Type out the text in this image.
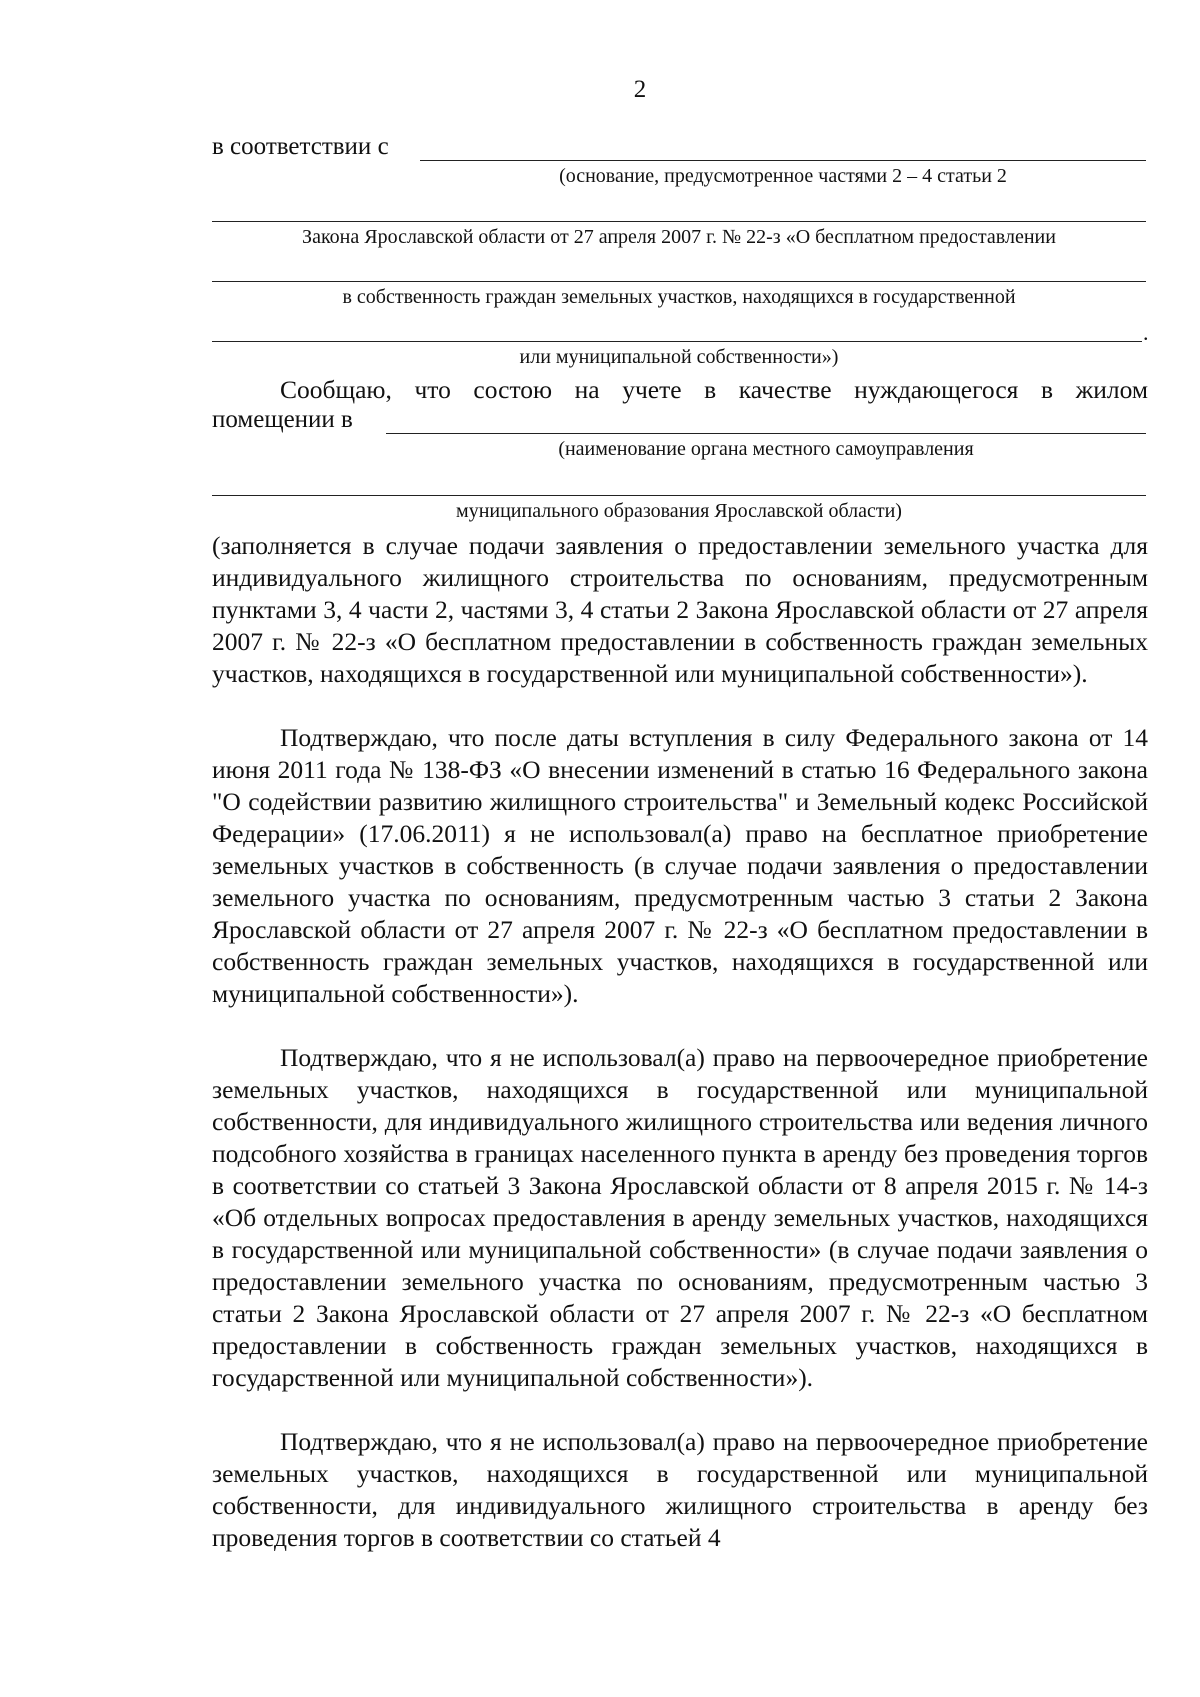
2
в соответствии с
(основание, предусмотренное частями 2 – 4 статьи 2
Закона Ярославской области от 27 апреля 2007 г. № 22-з «О бесплатном предоставлении
в собственность граждан земельных участков, находящихся в государственной
.
или муниципальной собственности»)
Сообщаю, что состою на учете в качестве нуждающегося в жилом
помещении в
(наименование органа местного самоуправления
муниципального образования Ярославской области)
(заполняется в случае подачи заявления о предоставлении земельного участка для индивидуального жилищного строительства по основаниям, предусмотренным пунктами 3, 4 части 2, частями 3, 4 статьи 2 Закона Ярославской области от 27 апреля 2007 г. № 22-з «О бесплатном предоставлении в собственность граждан земельных участков, находящихся в государственной или муниципальной собственности»).
Подтверждаю, что после даты вступления в силу Федерального закона от 14 июня 2011 года № 138-ФЗ «О внесении изменений в статью 16 Федерального закона "О содействии развитию жилищного строительства" и Земельный кодекс Российской Федерации» (17.06.2011) я не использовал(а) право на бесплатное приобретение земельных участков в собственность (в случае подачи заявления о предоставлении земельного участка по основаниям, предусмотренным частью 3 статьи 2 Закона Ярославской области от 27 апреля 2007 г. № 22-з «О бесплатном предоставлении в собственность граждан земельных участков, находящихся в государственной или муниципальной собственности»).
Подтверждаю, что я не использовал(а) право на первоочередное приобретение земельных участков, находящихся в государственной или муниципальной собственности, для индивидуального жилищного строительства или ведения личного подсобного хозяйства в границах населенного пункта в аренду без проведения торгов в соответствии со статьей 3 Закона Ярославской области от 8 апреля 2015 г. № 14-з «Об отдельных вопросах предоставления в аренду земельных участков, находящихся в государственной или муниципальной собственности» (в случае подачи заявления о предоставлении земельного участка по основаниям, предусмотренным частью 3 статьи 2 Закона Ярославской области от 27 апреля 2007 г. № 22-з «О бесплатном предоставлении в собственность граждан земельных участков, находящихся в государственной или муниципальной собственности»).
Подтверждаю, что я не использовал(а) право на первоочередное приобретение земельных участков, находящихся в государственной или муниципальной собственности, для индивидуального жилищного строительства в аренду без проведения торгов в соответствии со статьей 4
